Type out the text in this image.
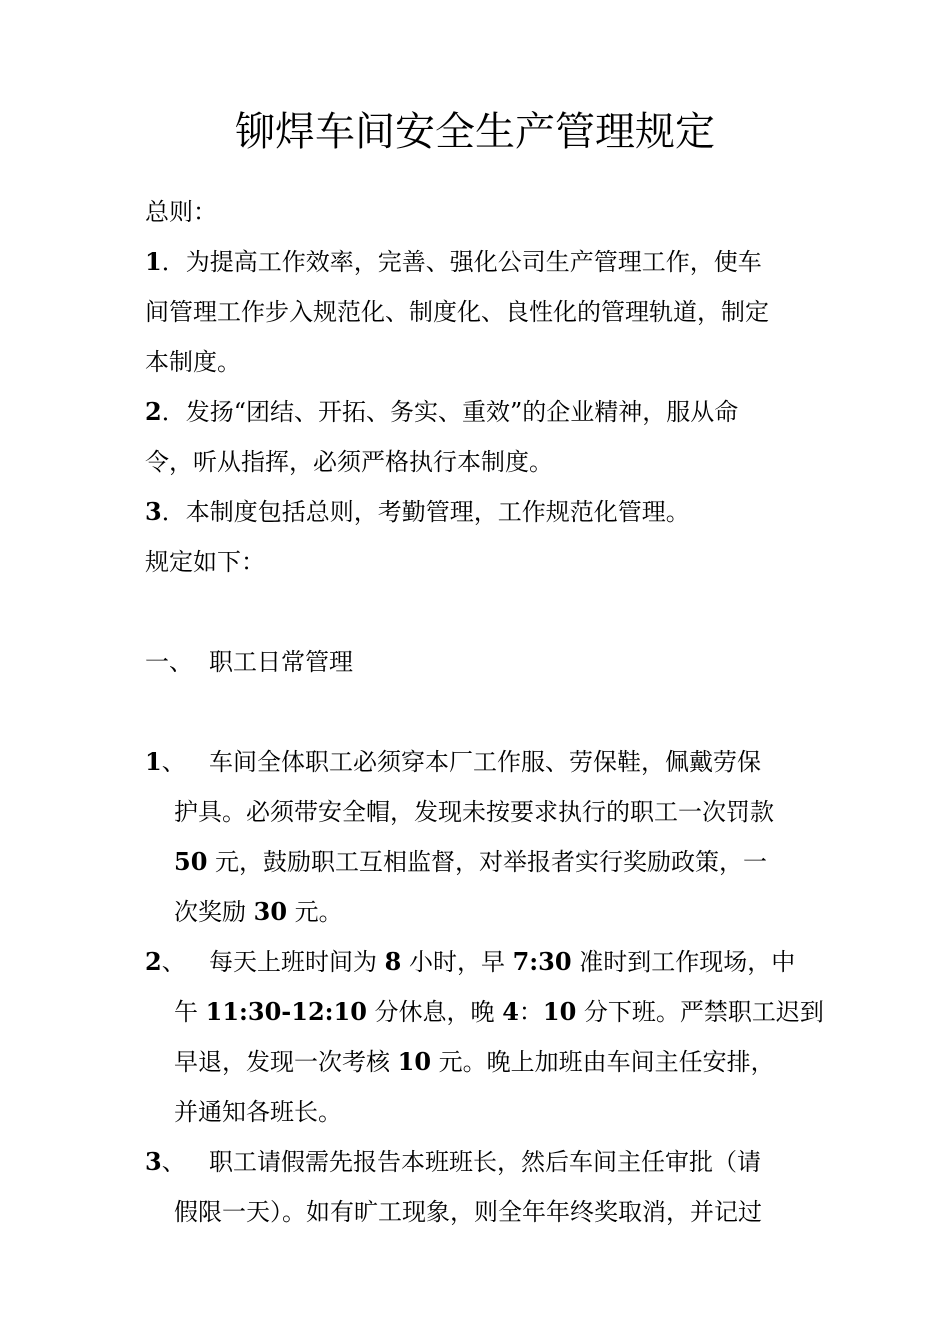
铆焊车间安全生产管理规定
总则：
1．为提高工作效率，完善、强化公司生产管理工作，使车
间管理工作步入规范化、制度化、良性化的管理轨道，制定
本制度。
2．发扬“团结、开拓、务实、重效”的企业精神，服从命
令，听从指挥，必须严格执行本制度。
3．本制度包括总则，考勤管理，工作规范化管理。
规定如下：
一、 职工日常管理
1、 车间全体职工必须穿本厂工作服、劳保鞋，佩戴劳保
护具。必须带安全帽，发现未按要求执行的职工一次罚款
50 元，鼓励职工互相监督，对举报者实行奖励政策，一
次奖励 30 元。
2、 每天上班时间为 8 小时，早 7:30 准时到工作现场，中
午 11:30-12:10 分休息，晚 4：10 分下班。严禁职工迟到
早退，发现一次考核 10 元。晚上加班由车间主任安排，
并通知各班长。
3、 职工请假需先报告本班班长，然后车间主任审批（请
假限一天）。如有旷工现象，则全年年终奖取消，并记过
